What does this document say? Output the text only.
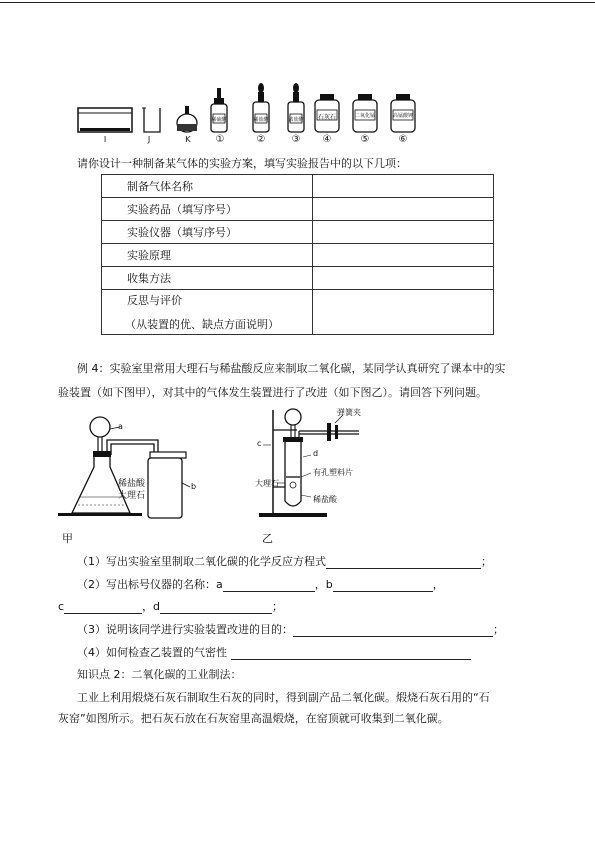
稀硫酸	稀盐酸	浓盐酸	石灰石	二氧化锰	高锰酸钾
I	J	K	①	②	③ ④	⑤	⑥
请你设计一种制备某气体的实验方案，填写实验报告中的以下几项：
制备气体名称	
实验药品（填写序号）	
实验仪器（填写序号）	
实验原理	
收集方法	

反思与评价
（从装置的优、缺点方面说明）	

例 4：实验室里常用大理石与稀盐酸反应来制取二氧化碳，某同学认真研究了课本中的实
验装置（如下图甲），对其中的气体发生装置进行了改进（如下图乙）。请回答下列问题。
a
b
稀盐酸
大理石
甲
弹簧夹
c
d
有孔塑料片
大理石
稀盐酸
乙
（1）写出实验室里制取二氧化碳的化学反应方程式	；
（2）写出标号仪器的名称：a	，b	，
c	，d	；
（3）说明该同学进行实验装置改进的目的：	；
（4）如何检查乙装置的气密性
知识点 2：二氧化碳的工业制法：
工业上利用煅烧石灰石制取生石灰的同时，得到副产品二氧化碳。煅烧石灰石用的“石
灰窑”如图所示。把石灰石放在石灰窑里高温煅烧，在窑顶就可收集到二氧化碳。
